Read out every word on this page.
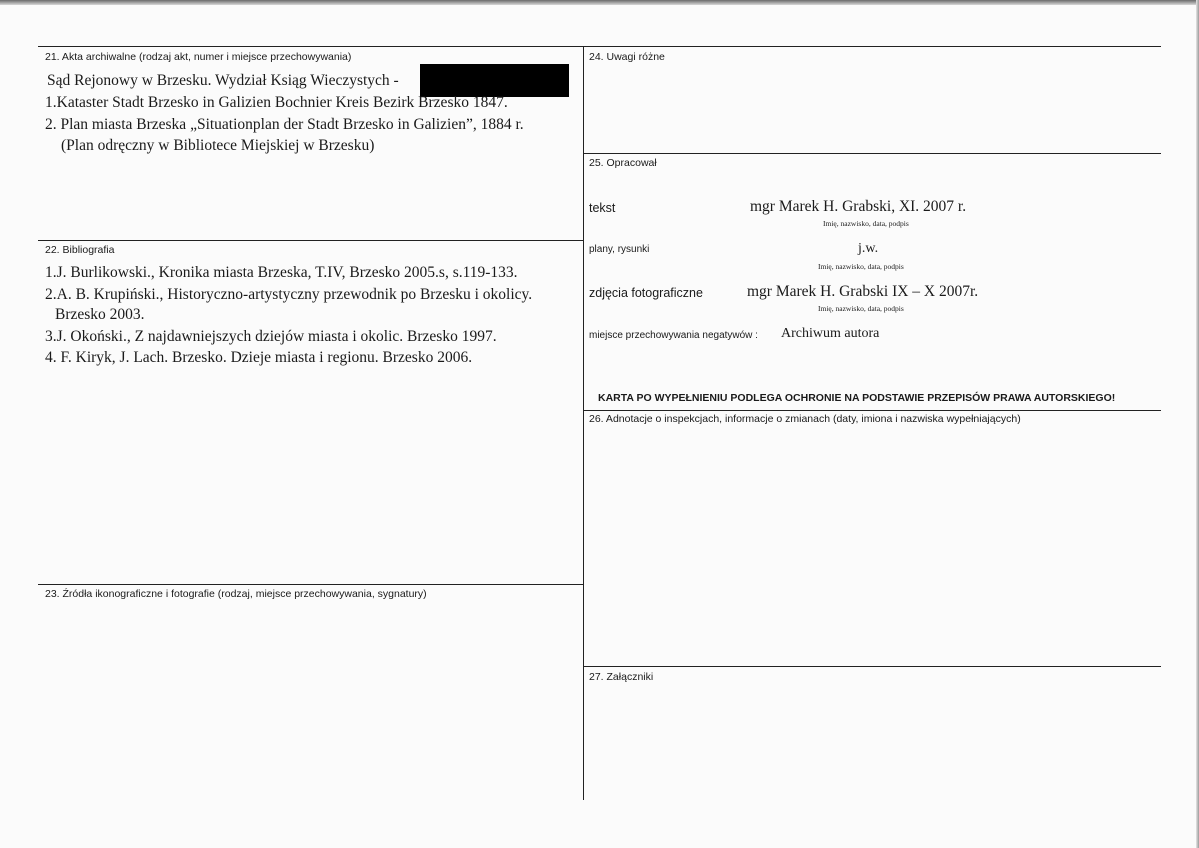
21. Akta archiwalne (rodzaj akt, numer i miejsce przechowywania)
Sąd Rejonowy w Brzesku. Wydział Ksiąg Wieczystych -
1.Kataster Stadt Brzesko in Galizien Bochnier Kreis Bezirk Brzesko 1847.
2. Plan miasta Brzeska „Situationplan der Stadt Brzesko in Galizien”, 1884 r.
(Plan odręczny w Bibliotece Miejskiej w Brzesku)
22. Bibliografia
1.J. Burlikowski., Kronika miasta Brzeska, T.IV, Brzesko 2005.s, s.119-133.
2.A. B. Krupiński., Historyczno-artystyczny przewodnik po Brzesku i okolicy.
Brzesko 2003.
3.J. Okoński., Z najdawniejszych dziejów miasta i okolic. Brzesko 1997.
4. F. Kiryk, J. Lach. Brzesko. Dzieje miasta i regionu. Brzesko 2006.
23. Źródła ikonograficzne i fotografie (rodzaj, miejsce przechowywania, sygnatury)
24. Uwagi różne
25. Opracował
tekst	mgr Marek H. Grabski, XI. 2007 r.
Imię, nazwisko, data, podpis
plany, rysunki	j.w.
Imię, nazwisko, data, podpis
zdjęcia fotograficzne	mgr Marek H. Grabski IX – X 2007r.
Imię, nazwisko, data, podpis
miejsce przechowywania negatywów : Archiwum autora
KARTA PO WYPEŁNIENIU PODLEGA OCHRONIE NA PODSTAWIE PRZEPISÓW PRAWA AUTORSKIEGO!
26. Adnotacje o inspekcjach, informacje o zmianach (daty, imiona i nazwiska wypełniających)
27. Załączniki
